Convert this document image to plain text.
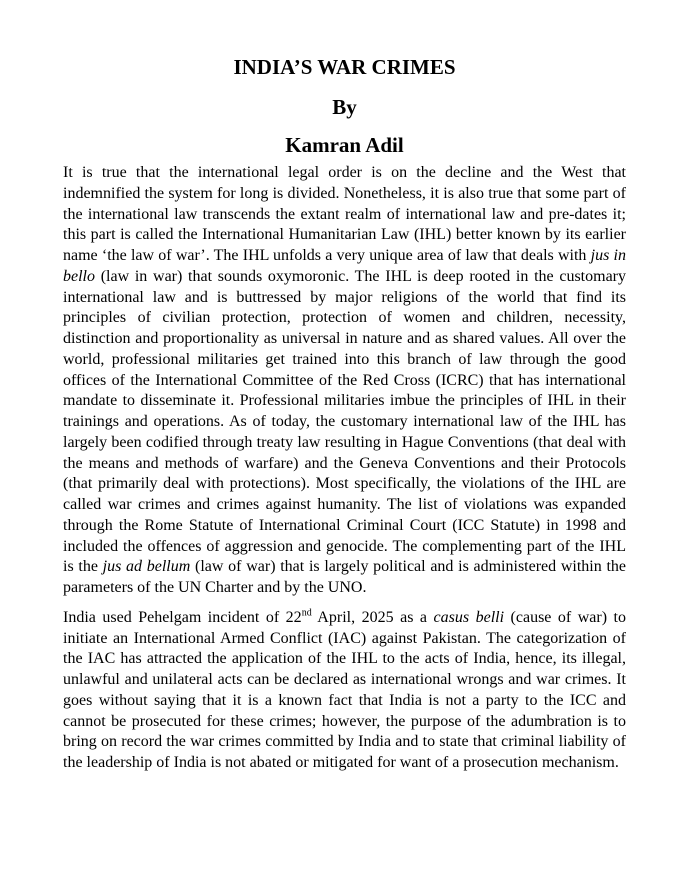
INDIA’S WAR CRIMES
By
Kamran Adil

It is true that the international legal order is on the decline and the West that indemnified the system for long is divided. Nonetheless, it is also true that some part of the international law transcends the extant realm of international law and pre-dates it; this part is called the International Humanitarian Law (IHL) better known by its earlier name ‘the law of war’. The IHL unfolds a very unique area of law that deals with jus in bello (law in war) that sounds oxymoronic. The IHL is deep rooted in the customary international law and is buttressed by major religions of the world that find its principles of civilian protection, protection of women and children, necessity, distinction and proportionality as universal in nature and as shared values. All over the world, professional militaries get trained into this branch of law through the good offices of the International Committee of the Red Cross (ICRC) that has international mandate to disseminate it. Professional militaries imbue the principles of IHL in their trainings and operations. As of today, the customary international law of the IHL has largely been codified through treaty law resulting in Hague Conventions (that deal with the means and methods of warfare) and the Geneva Conventions and their Protocols (that primarily deal with protections). Most specifically, the violations of the IHL are called war crimes and crimes against humanity. The list of violations was expanded through the Rome Statute of International Criminal Court (ICC Statute) in 1998 and included the offences of aggression and genocide. The complementing part of the IHL is the jus ad bellum (law of war) that is largely political and is administered within the parameters of the UN Charter and by the UNO.

India used Pehelgam incident of 22nd April, 2025 as a casus belli (cause of war) to initiate an International Armed Conflict (IAC) against Pakistan. The categorization of the IAC has attracted the application of the IHL to the acts of India, hence, its illegal, unlawful and unilateral acts can be declared as international wrongs and war crimes. It goes without saying that it is a known fact that India is not a party to the ICC and cannot be prosecuted for these crimes; however, the purpose of the adumbration is to bring on record the war crimes committed by India and to state that criminal liability of the leadership of India is not abated or mitigated for want of a prosecution mechanism.
